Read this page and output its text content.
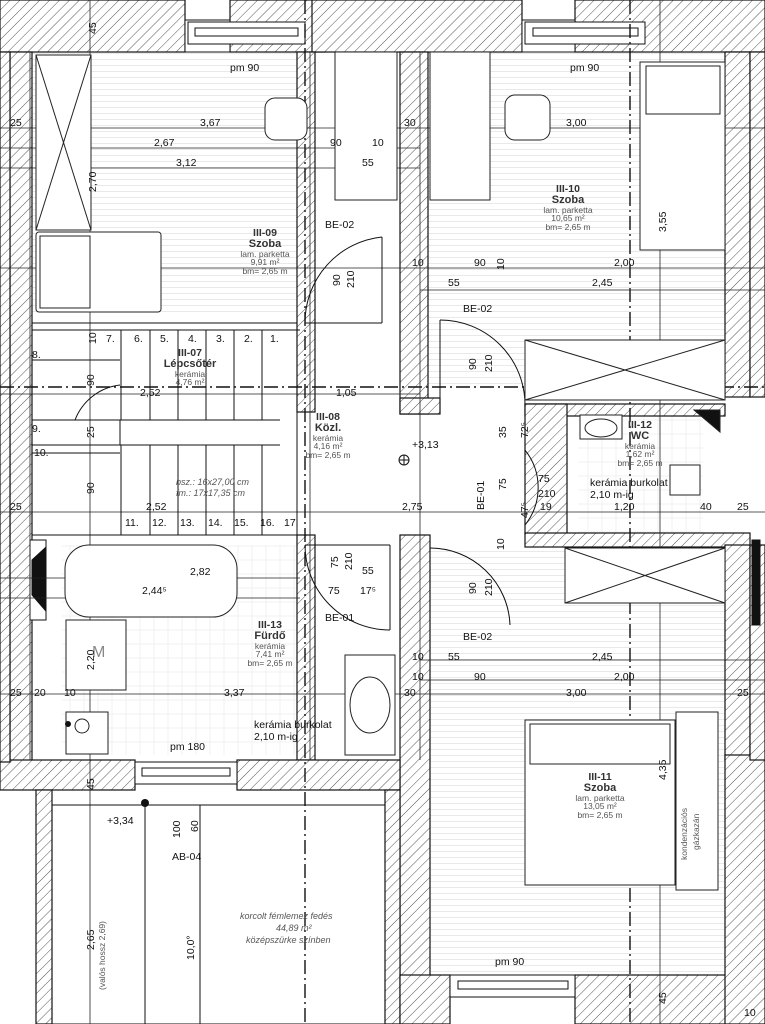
pm 90	pm 90
pm 180
pm 90
III-09
Szoba
lam. parketta
9,91 m²
bm= 2,65 m
III-10
Szoba
lam. parketta
10,65 m²
bm= 2,65 m
III-07
Lépcsőtér
kerámia
4,76 m²
III-08
Közl.
kerámia
4,16 m²
bm= 2,65 m
III-12
WC
kerámia
1,62 m²
bm= 2,65 m
III-13
Fürdő
kerámia
7,41 m²
bm= 2,65 m
III-11
Szoba
lam. parketta
13,05 m²
bm= 2,65 m
BE-02
BE-02
BE-01
BE-01
BE-02
+3,13
+3,34
kerámia burkolat
2,10 m-ig
kerámia burkolat
2,10 m-ig
bsz.: 16x27,00 cm
fm.: 17x17,35 cm
kondenzációs gázkazán
M
AB-04
korcolt fémlemez fedés
44,89 m²
középszürke színben
10,0°
2,65 (valós hossz 2,69)
7. 6. 5. 4. 3. 2. 1.
8.
9.
10.
11. 12. 13. 14. 15. 16. 17.
45
25	3,67
2,67
3,12
2,70
90	10
30
55
3,00
3,55
90 210
10	90	2,00
55	2,45
10
90 210
10
2,52
90
1,05
25	35 72⁵
75
210
75
90
2,52	2,75
25	47⁵ 19	1,20	40 25
10
75 210
55
90 210
75 17⁵
2,82
2,44⁵
2,20
25 20 10	3,37	30
10 55	2,45
10	90	2,00
3,00	25
4,35
100 60
45
45
10
